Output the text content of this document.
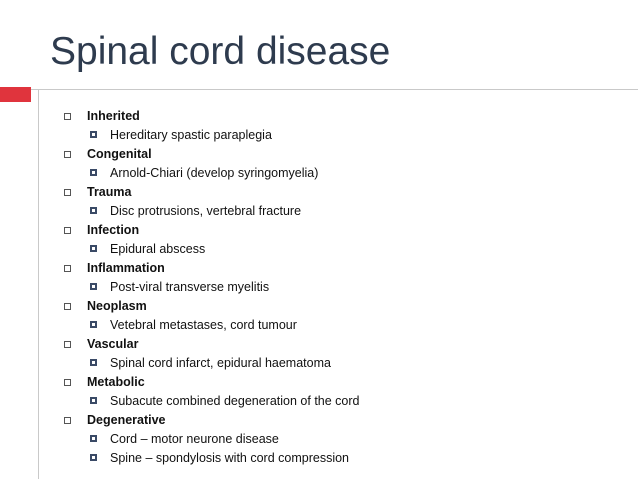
Spinal cord disease
Inherited
Hereditary spastic paraplegia
Congenital
Arnold-Chiari (develop syringomyelia)
Trauma
Disc protrusions, vertebral fracture
Infection
Epidural abscess
Inflammation
Post-viral transverse myelitis
Neoplasm
Vetebral metastases, cord tumour
Vascular
Spinal cord infarct, epidural haematoma
Metabolic
Subacute combined degeneration of the cord
Degenerative
Cord – motor neurone disease
Spine – spondylosis with cord compression
